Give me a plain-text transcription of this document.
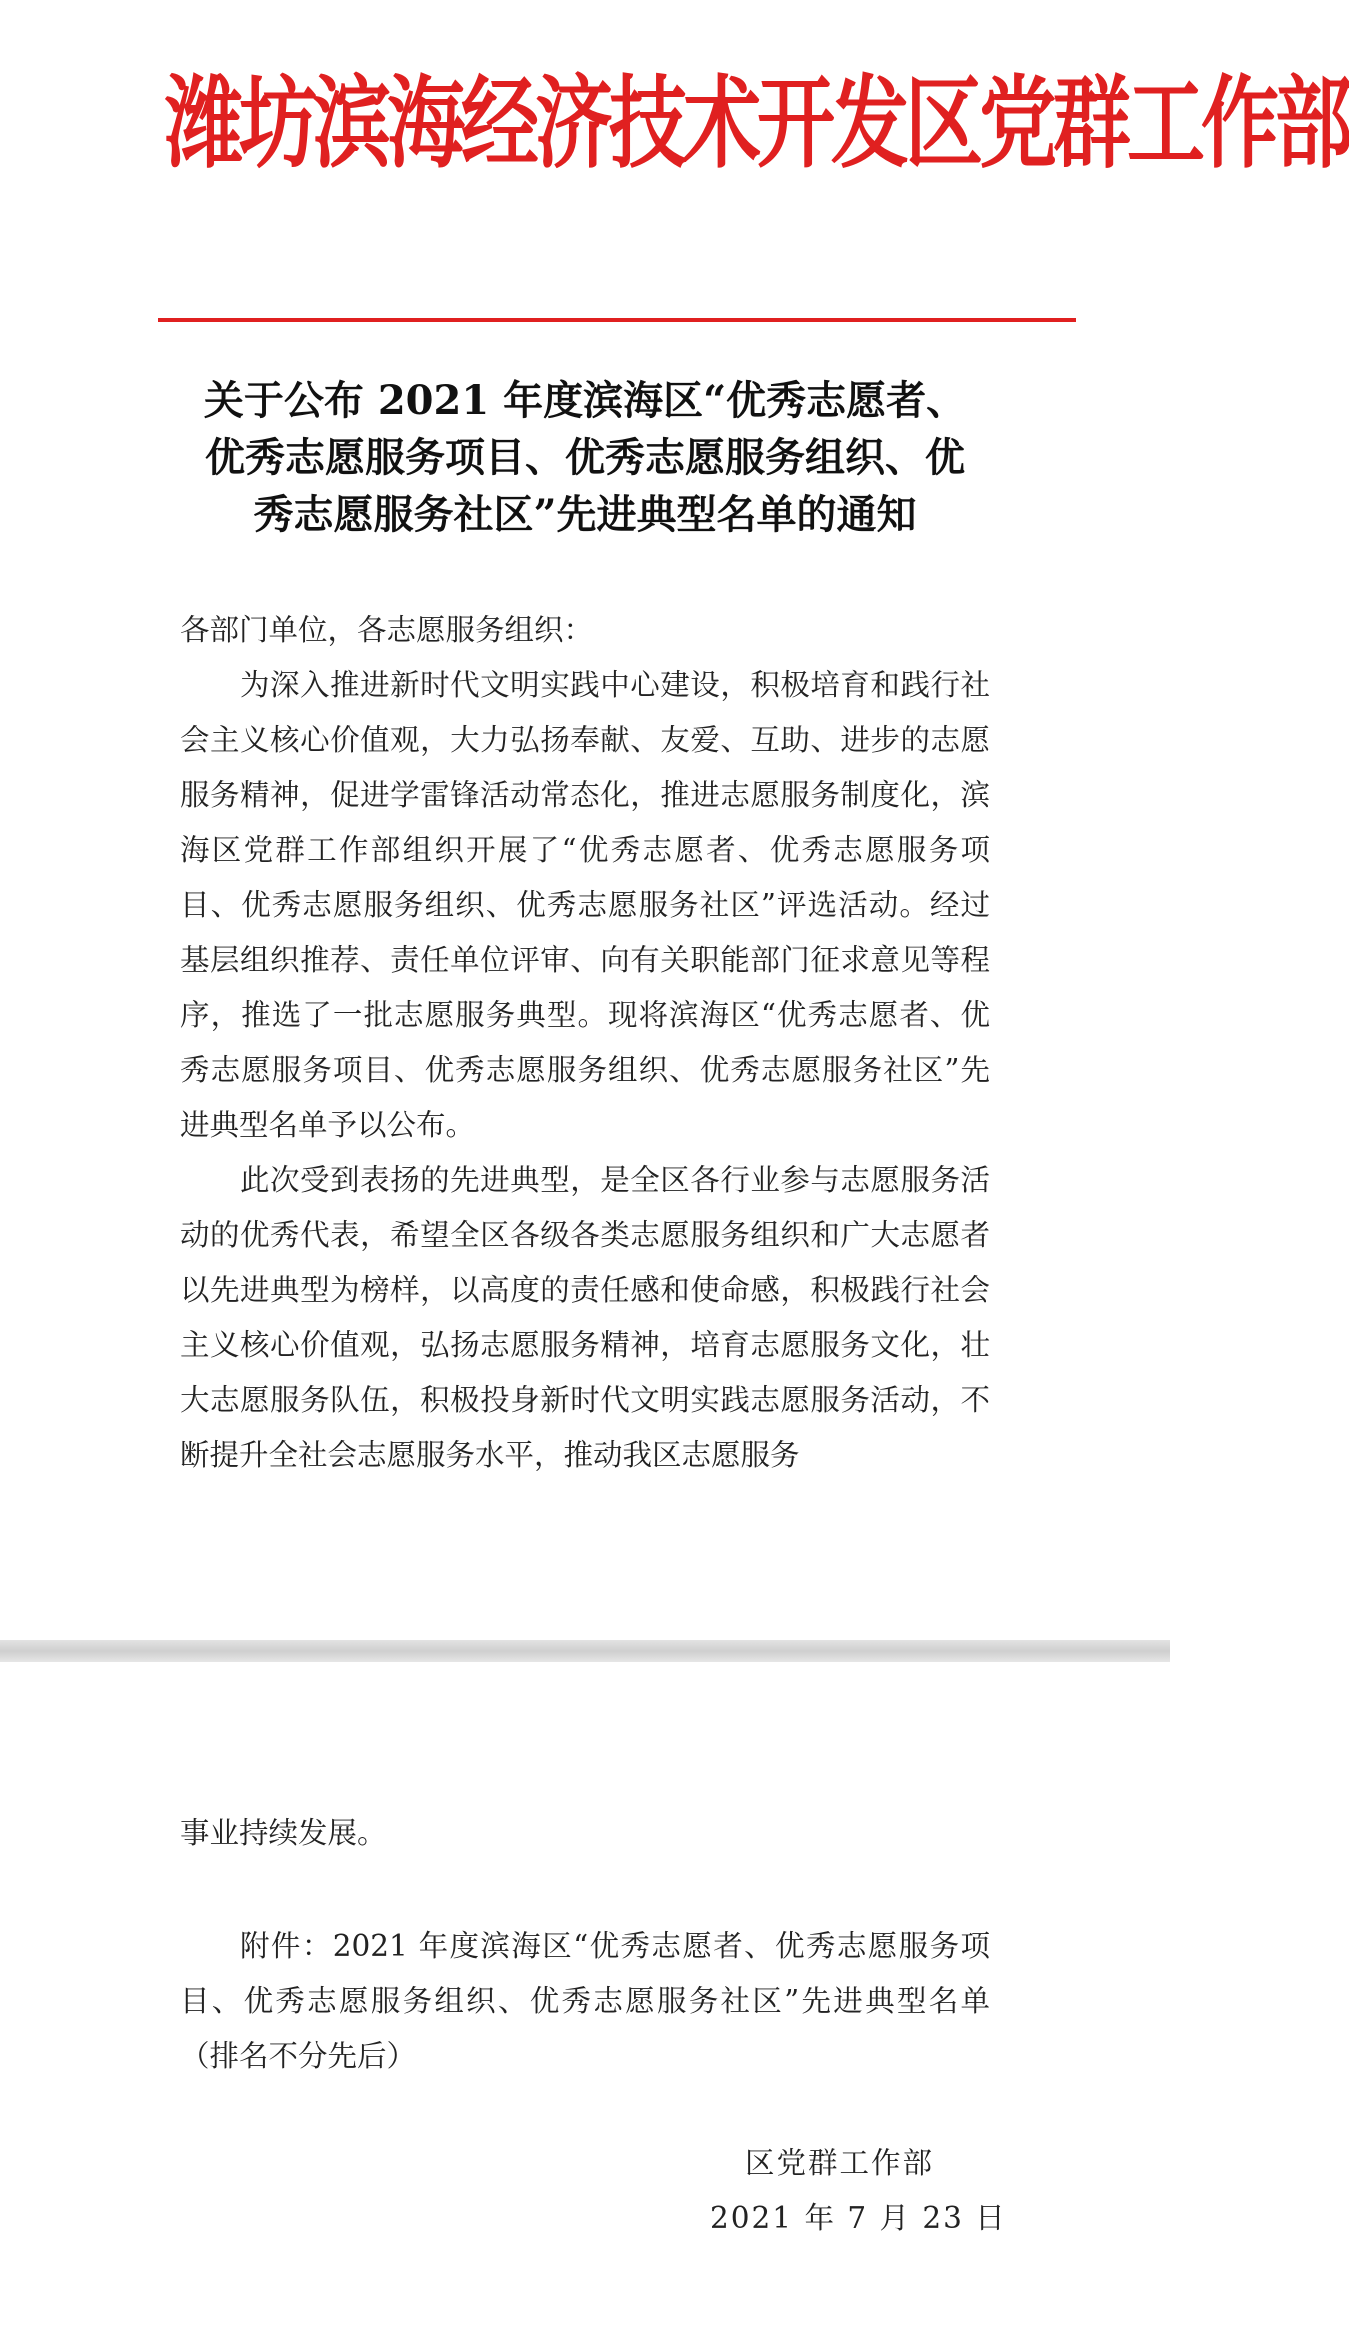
潍坊滨海经济技术开发区党群工作部
关于公布 2021 年度滨海区“优秀志愿者、
优秀志愿服务项目、优秀志愿服务组织、优
秀志愿服务社区”先进典型名单的通知
各部门单位，各志愿服务组织：
为深入推进新时代文明实践中心建设，积极培育和践行社会主义核心价值观，大力弘扬奉献、友爱、互助、进步的志愿服务精神，促进学雷锋活动常态化，推进志愿服务制度化，滨海区党群工作部组织开展了“优秀志愿者、优秀志愿服务项目、优秀志愿服务组织、优秀志愿服务社区”评选活动。经过基层组织推荐、责任单位评审、向有关职能部门征求意见等程序，推选了一批志愿服务典型。现将滨海区“优秀志愿者、优秀志愿服务项目、优秀志愿服务组织、优秀志愿服务社区”先进典型名单予以公布。
此次受到表扬的先进典型，是全区各行业参与志愿服务活动的优秀代表，希望全区各级各类志愿服务组织和广大志愿者以先进典型为榜样，以高度的责任感和使命感，积极践行社会主义核心价值观，弘扬志愿服务精神，培育志愿服务文化，壮大志愿服务队伍，积极投身新时代文明实践志愿服务活动，不断提升全社会志愿服务水平，推动我区志愿服务
事业持续发展。
附件：2021 年度滨海区“优秀志愿者、优秀志愿服务项目、优秀志愿服务组织、优秀志愿服务社区”先进典型名单（排名不分先后）
区党群工作部
2021 年 7 月 23 日
